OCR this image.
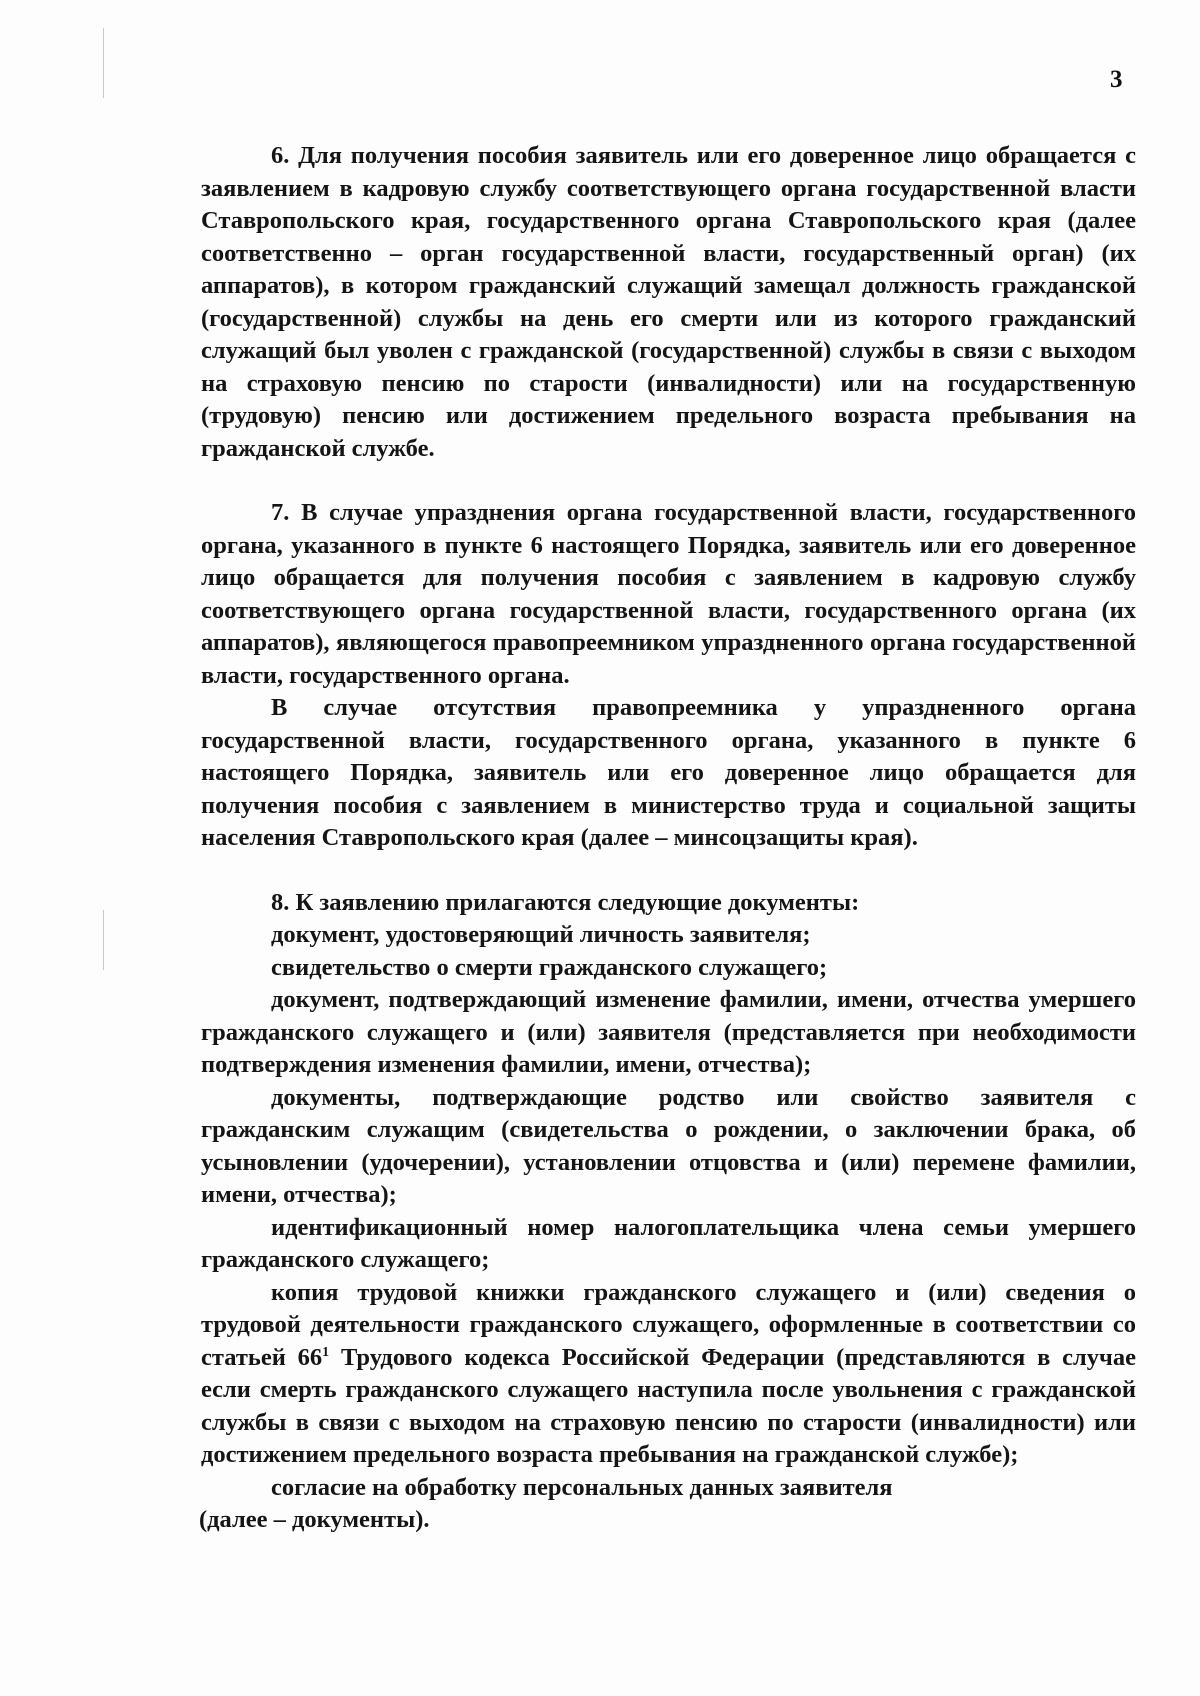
3

6. Для получения пособия заявитель или его доверенное лицо обращается с заявлением в кадровую службу соответствующего органа государственной власти Ставропольского края, государственного органа Ставропольского края (далее соответственно – орган государственной власти, государственный орган) (их аппаратов), в котором гражданский служащий замещал должность гражданской (государственной) службы на день его смерти или из которого гражданский служащий был уволен с гражданской (государственной) службы в связи с выходом на страховую пенсию по старости (инвалидности) или на государственную (трудовую) пенсию или достижением предельного возраста пребывания на гражданской службе.

7. В случае упразднения органа государственной власти, государственного органа, указанного в пункте 6 настоящего Порядка, заявитель или его доверенное лицо обращается для получения пособия с заявлением в кадровую службу соответствующего органа государственной власти, государственного органа (их аппаратов), являющегося правопреемником упраздненного органа государственной власти, государственного органа.

В случае отсутствия правопреемника у упраздненного органа государственной власти, государственного органа, указанного в пункте 6 настоящего Порядка, заявитель или его доверенное лицо обращается для получения пособия с заявлением в министерство труда и социальной защиты населения Ставропольского края (далее – минсоцзащиты края).

8. К заявлению прилагаются следующие документы:

документ, удостоверяющий личность заявителя;

свидетельство о смерти гражданского служащего;

документ, подтверждающий изменение фамилии, имени, отчества умершего гражданского служащего и (или) заявителя (представляется при необходимости подтверждения изменения фамилии, имени, отчества);

документы, подтверждающие родство или свойство заявителя с гражданским служащим (свидетельства о рождении, о заключении брака, об усыновлении (удочерении), установлении отцовства и (или) перемене фамилии, имени, отчества);

идентификационный номер налогоплательщика члена семьи умершего гражданского служащего;

копия трудовой книжки гражданского служащего и (или) сведения о трудовой деятельности гражданского служащего, оформленные в соответствии со статьей $66^1$ Трудового кодекса Российской Федерации (представляются в случае если смерть гражданского служащего наступила после увольнения с гражданской службы в связи с выходом на страховую пенсию по старости (инвалидности) или достижением предельного возраста пребывания на гражданской службе);

согласие на обработку персональных данных заявителя

(далее – документы).
